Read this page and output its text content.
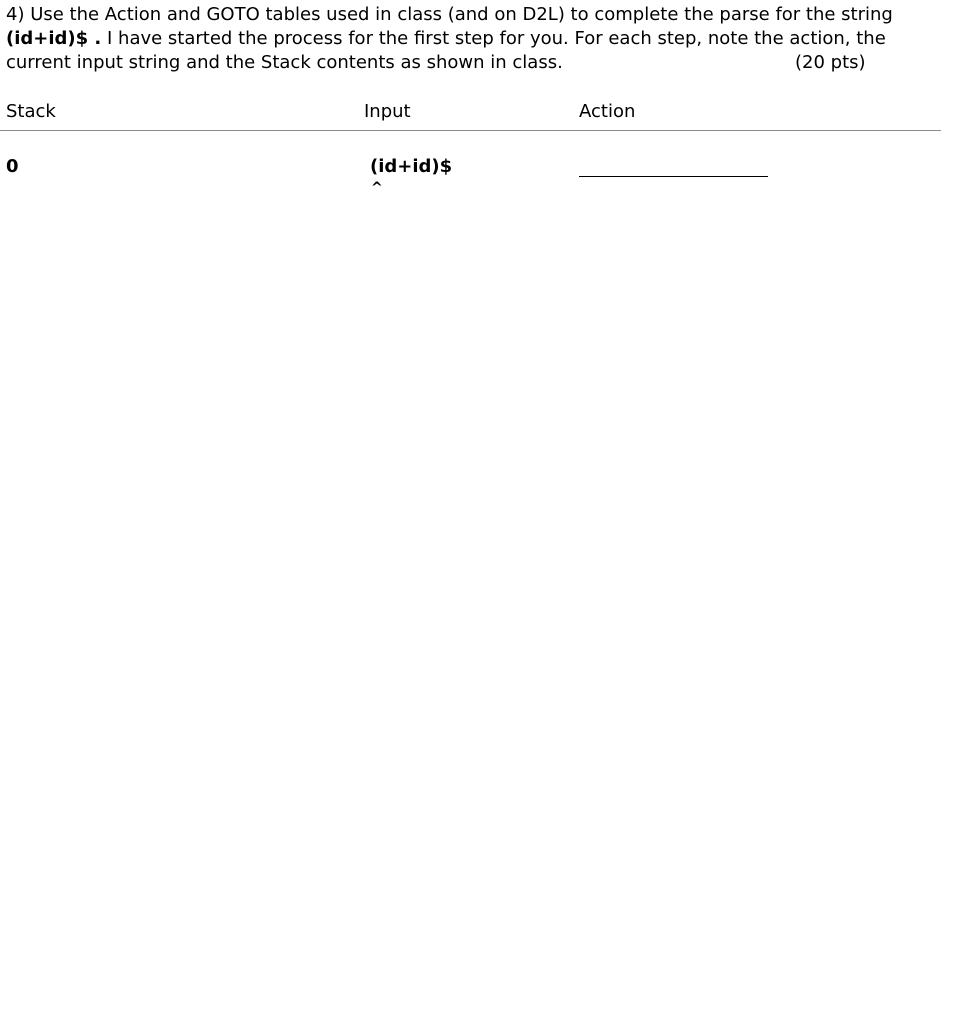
4) Use the Action and GOTO tables used in class (and on D2L) to complete the parse for the string
(id+id)$ . I have started the process for the first step for you. For each step, note the action, the
current input string and the Stack contents as shown in class.	(20 pts)
Stack	Input	Action
0	(id+id)$
^
